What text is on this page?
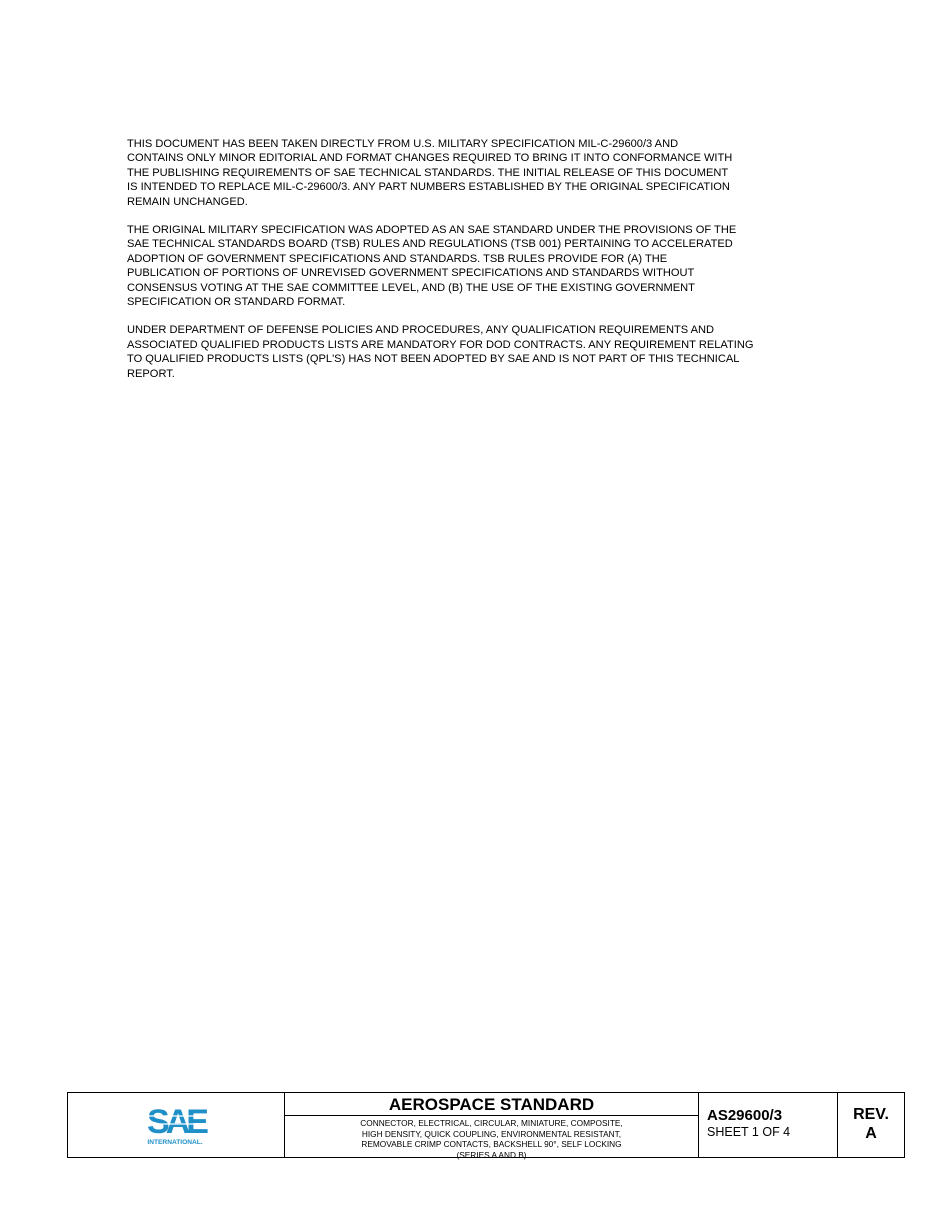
THIS DOCUMENT HAS BEEN TAKEN DIRECTLY FROM U.S. MILITARY SPECIFICATION MIL-C-29600/3 AND
CONTAINS ONLY MINOR EDITORIAL AND FORMAT CHANGES REQUIRED TO BRING IT INTO CONFORMANCE WITH
THE PUBLISHING REQUIREMENTS OF SAE TECHNICAL STANDARDS. THE INITIAL RELEASE OF THIS DOCUMENT
IS INTENDED TO REPLACE MIL-C-29600/3. ANY PART NUMBERS ESTABLISHED BY THE ORIGINAL SPECIFICATION
REMAIN UNCHANGED.

THE ORIGINAL MILITARY SPECIFICATION WAS ADOPTED AS AN SAE STANDARD UNDER THE PROVISIONS OF THE
SAE TECHNICAL STANDARDS BOARD (TSB) RULES AND REGULATIONS (TSB 001) PERTAINING TO ACCELERATED
ADOPTION OF GOVERNMENT SPECIFICATIONS AND STANDARDS. TSB RULES PROVIDE FOR (A) THE
PUBLICATION OF PORTIONS OF UNREVISED GOVERNMENT SPECIFICATIONS AND STANDARDS WITHOUT
CONSENSUS VOTING AT THE SAE COMMITTEE LEVEL, AND (B) THE USE OF THE EXISTING GOVERNMENT
SPECIFICATION OR STANDARD FORMAT.

UNDER DEPARTMENT OF DEFENSE POLICIES AND PROCEDURES, ANY QUALIFICATION REQUIREMENTS AND
ASSOCIATED QUALIFIED PRODUCTS LISTS ARE MANDATORY FOR DOD CONTRACTS. ANY REQUIREMENT RELATING
TO QUALIFIED PRODUCTS LISTS (QPL'S) HAS NOT BEEN ADOPTED BY SAE AND IS NOT PART OF THIS TECHNICAL
REPORT.

SAE
INTERNATIONAL.
AEROSPACE STANDARD
CONNECTOR, ELECTRICAL, CIRCULAR, MINIATURE, COMPOSITE,
HIGH DENSITY, QUICK COUPLING, ENVIRONMENTAL RESISTANT,
REMOVABLE CRIMP CONTACTS, BACKSHELL 90°, SELF LOCKING
(SERIES A AND B)
AS29600/3
SHEET 1 OF 4
REV.
A
